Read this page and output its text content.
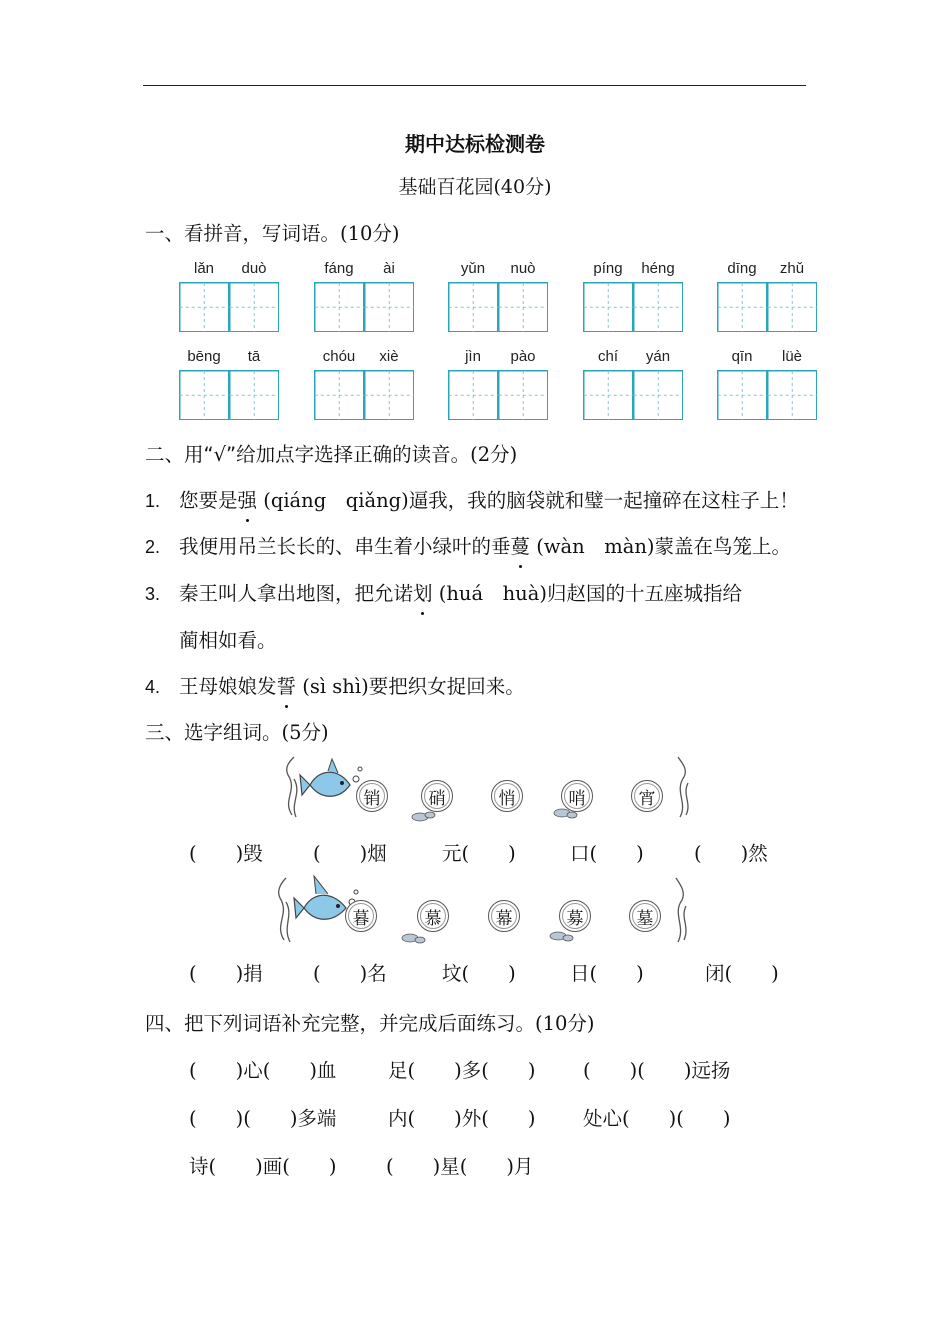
期中达标检测卷
基础百花园(40分)
一、看拼音，写词语。(10分)
lǎn	duò	fáng	ài	yǔn	nuò	píng	héng	dīng	zhǔ
bēng	tā	chóu	xiè	jìn	pào	chí	yán	qīn	lüè
二、用“√”给加点字选择正确的读音。(2分)
1. 您要是强 (qiáng　qiǎng)逼我，我的脑袋就和璧一起撞碎在这柱子上！
2. 我便用吊兰长长的、串生着小绿叶的垂蔓 (wàn　màn)蒙盖在鸟笼上。
3. 秦王叫人拿出地图，把允诺划 (huá　huà)归赵国的十五座城指给
蔺相如看。
4. 王母娘娘发誓 (sì shì)要把织女捉回来。
三、选字组词。(5分)
销	硝	悄	哨	宵
(　　)毁	(　　)烟	元(　　)	口(　　)	(　　)然
暮	慕	幕	募	墓
(　　)捐	(　　)名	坟(　　)	日(　　)	闭(　　)
四、把下列词语补充完整，并完成后面练习。(10分)
(　　)心(　　)血	足(　　)多(　　) (　　)(　　)远扬
(　　)(　　)多端	内(　　)外(　　) 处心(　　)(　　)
诗(　　)画(　　)	(　　)星(　　)月
